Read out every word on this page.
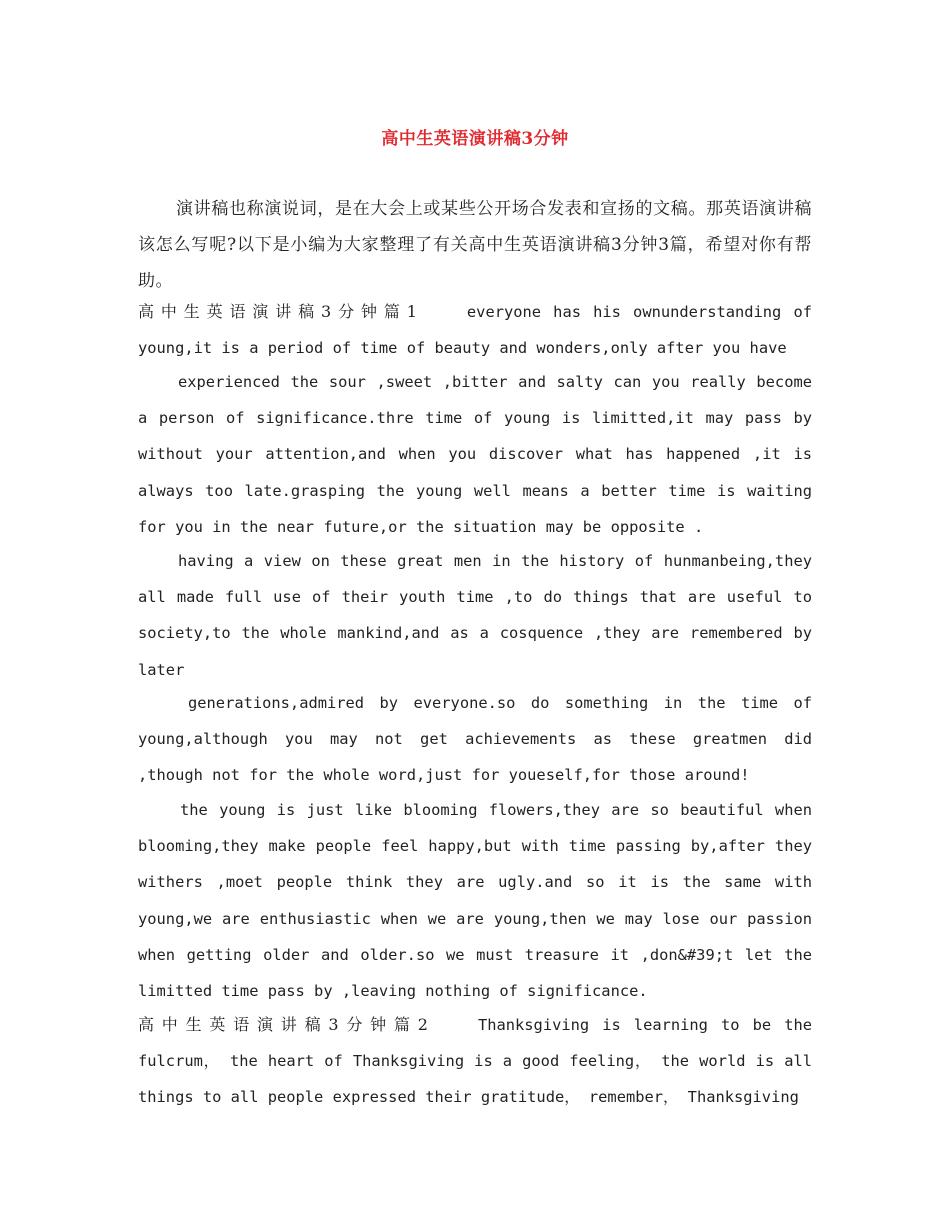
高中生英语演讲稿3分钟
演讲稿也称演说词，是在大会上或某些公开场合发表和宣扬的文稿。那英语演讲稿该怎么写呢?以下是小编为大家整理了有关高中生英语演讲稿3分钟3篇，希望对你有帮助。
高中生英语演讲稿3分钟篇1	everyone has his ownunderstanding of young,it is a period of time of beauty and wonders,only after you have
experienced the sour ,sweet ,bitter and salty can you really become a person of significance.thre time of young is limitted,it may pass by without your attention,and when you discover what has happened ,it is always too late.grasping the young well means a better time is waiting for you in the near future,or the situation may be opposite .
having a view on these great men in the history of hunmanbeing,they all made full use of their youth time ,to do things that are useful to society,to the whole mankind,and as a cosquence ,they are remembered by later
generations,admired by everyone.so do something in the time of young,although you may not get achievements as these greatmen did ,though not for the whole word,just for youeself,for those around!
the young is just like blooming flowers,they are so beautiful when blooming,they make people feel happy,but with time passing by,after they withers ,moet people think they are ugly.and so it is the same with young,we are enthusiastic when we are young,then we may lose our passion when getting older and older.so we must treasure it ,don&#39;t let the limitted time pass by ,leaving nothing of significance.
高中生英语演讲稿3分钟篇2	Thanksgiving is learning to be the fulcrum， the heart of Thanksgiving is a good feeling， the world is all things to all people expressed their gratitude， remember， Thanksgiving
